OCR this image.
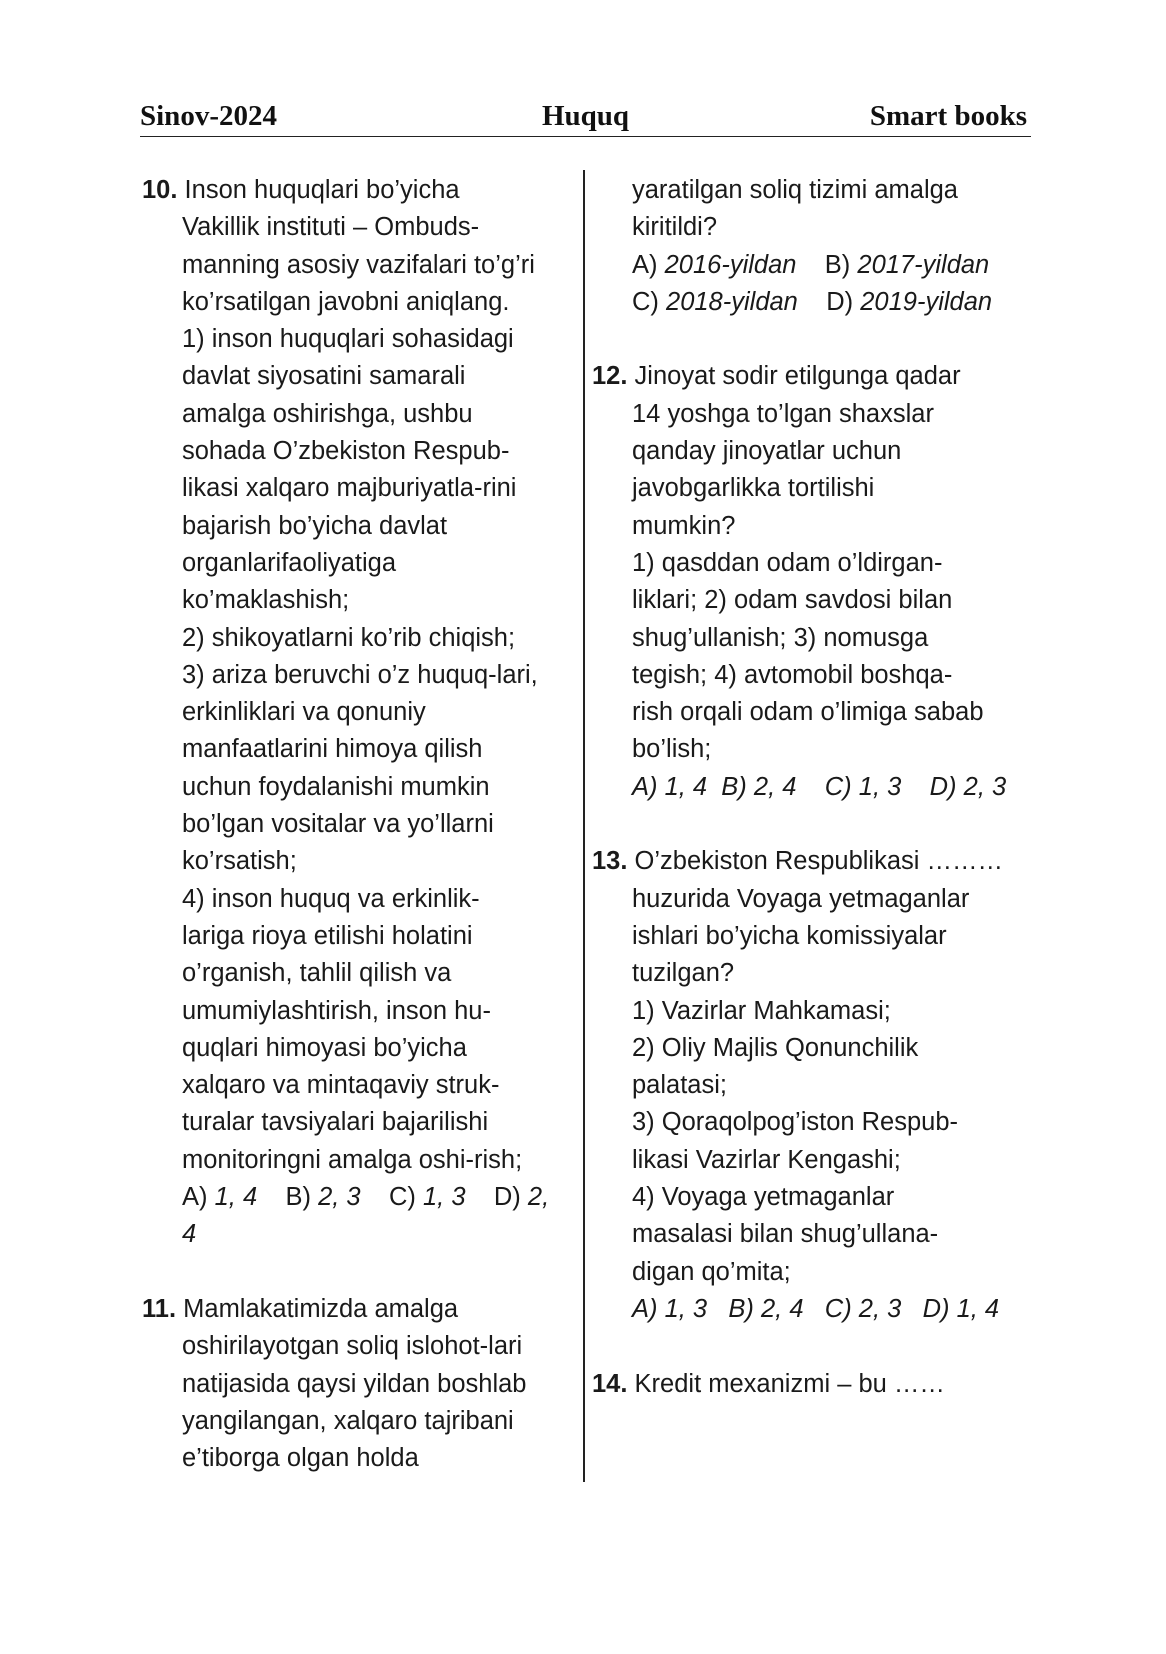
Sinov-2024	Huquq	Smart books
10. Inson huquqlari bo’yicha
Vakillik instituti – Ombuds-
manning asosiy vazifalari to’g’ri
ko’rsatilgan javobni aniqlang.
1) inson huquqlari sohasidagi
davlat siyosatini samarali
amalga oshirishga, ushbu
sohada O’zbekiston Respub-
likasi xalqaro majburiyatla-rini
bajarish bo’yicha davlat
organlarifaoliyatiga
ko’maklashish;
2) shikoyatlarni ko’rib chiqish;
3) ariza beruvchi o’z huquq-lari,
erkinliklari va qonuniy
manfaatlarini himoya qilish
uchun foydalanishi mumkin
bo’lgan vositalar va yo’llarni
ko’rsatish;
4) inson huquq va erkinlik-
lariga rioya etilishi holatini
o’rganish, tahlil qilish va
umumiylashtirish, inson hu-
quqlari himoyasi bo’yicha
xalqaro va mintaqaviy struk-
turalar tavsiyalari bajarilishi
monitoringni amalga oshi-rish;
A) 1, 4 B) 2, 3 C) 1, 3 D) 2,
4
11. Mamlakatimizda amalga
oshirilayotgan soliq islohot-lari
natijasida qaysi yildan boshlab
yangilangan, xalqaro tajribani
e’tiborga olgan holda
yaratilgan soliq tizimi amalga
kiritildi?
A) 2016-yildan B) 2017-yildan
C) 2018-yildan D) 2019-yildan
12. Jinoyat sodir etilgunga qadar
14 yoshga to’lgan shaxslar
qanday jinoyatlar uchun
javobgarlikka tortilishi
mumkin?
1) qasddan odam o’ldirgan-
liklari; 2) odam savdosi bilan
shug’ullanish; 3) nomusga
tegish; 4) avtomobil boshqa-
rish orqali odam o’limiga sabab
bo’lish;
A) 1, 4 B) 2, 4 C) 1, 3 D) 2, 3
13. O’zbekiston Respublikasi ………
huzurida Voyaga yetmaganlar
ishlari bo’yicha komissiyalar
tuzilgan?
1) Vazirlar Mahkamasi;
2) Oliy Majlis Qonunchilik
palatasi;
3) Qoraqolpog’iston Respub-
likasi Vazirlar Kengashi;
4) Voyaga yetmaganlar
masalasi bilan shug’ullana-
digan qo’mita;
A) 1, 3 B) 2, 4 C) 2, 3 D) 1, 4
14. Kredit mexanizmi – bu ……
